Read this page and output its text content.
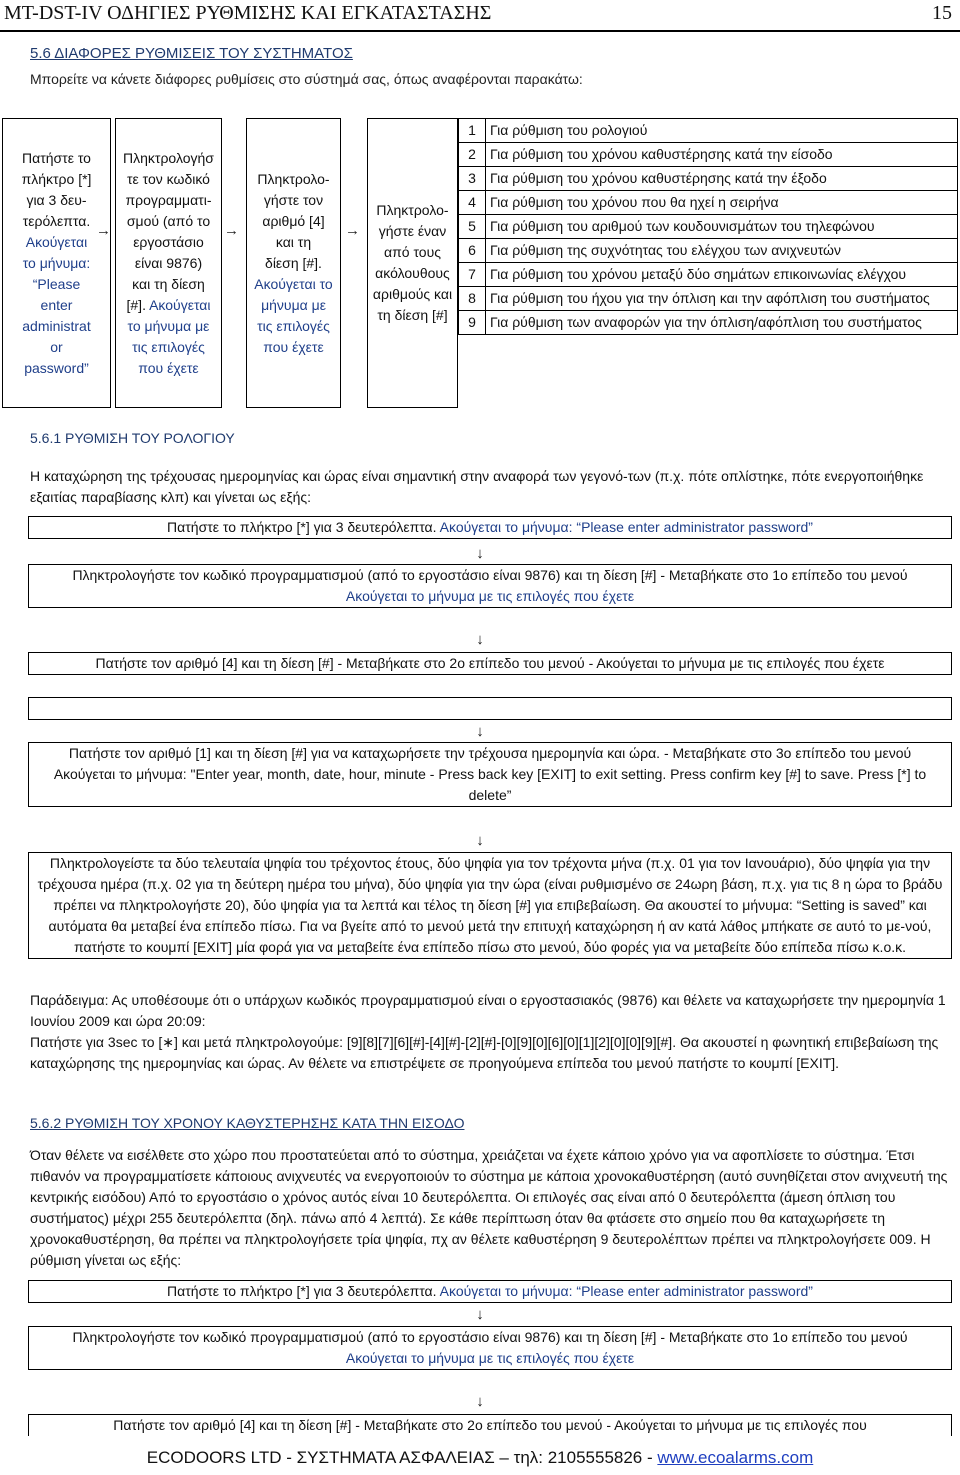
MT-DST-IV ΟΔΗΓΙΕΣ ΡΥΘΜΙΣΗΣ ΚΑΙ ΕΓΚΑΤΑΣΤΑΣΗΣ	15
5.6 ΔΙΑΦΟΡΕΣ ΡΥΘΜΙΣΕΙΣ ΤΟΥ ΣΥΣΤΗΜΑΤΟΣ
Μπορείτε να κάνετε διάφορες ρυθμίσεις στο σύστημά σας, όπως αναφέρονται παρακάτω:
Πατήστε το
πλήκτρο [*]
για 3 δευ-
τερόλεπτα.
Ακούγεται
το μήνυμα:
“Please
enter
administrat
or
password”
→
Πληκτρολογήσ
τε τον κωδικό
προγραμματι-
σμού (από το
εργοστάσιο
είναι 9876)
και τη δίεση
[#]. Ακούγεται
το μήνυμα με
τις επιλογές
που έχετε
→
Πληκτρολο-
γήστε τον
αριθμό [4]
και τη
δίεση [#].
Ακούγεται το
μήνυμα με
τις επιλογές
που έχετε
→
Πληκτρολο-
γήστε έναν
από τους
ακόλουθους
αριθμούς και
τη δίεση [#]
1	Για ρύθμιση του ρολογιού
2	Για ρύθμιση του χρόνου καθυστέρησης κατά την είσοδο
3	Για ρύθμιση του χρόνου καθυστέρησης κατά την έξοδο
4	Για ρύθμιση του χρόνου που θα ηχεί η σειρήνα
5	Για ρύθμιση του αριθμού των κουδουνισμάτων του τηλεφώνου
6	Για ρύθμιση της συχνότητας του ελέγχου των ανιχνευτών
7	Για ρύθμιση του χρόνου μεταξύ δύο σημάτων επικοινωνίας ελέγχου
8	Για ρύθμιση του ήχου για την όπλιση και την αφόπλιση του συστήματος
9	Για ρύθμιση των αναφορών για την όπλιση/αφόπλιση του συστήματος
5.6.1 ΡΥΘΜΙΣΗ ΤΟΥ ΡΟΛΟΓΙΟΥ
Η καταχώρηση της τρέχουσας ημερομηνίας και ώρας είναι σημαντική στην αναφορά των γεγονό-των (π.χ. πότε οπλίστηκε, πότε ενεργοποιήθηκε εξαιτίας παραβίασης κλπ) και γίνεται ως εξής:
Πατήστε το πλήκτρο [*] για 3 δευτερόλεπτα. Ακούγεται το μήνυμα: “Please enter administrator password”
↓
Πληκτρολογήστε τον κωδικό προγραμματισμού (από το εργοστάσιο είναι 9876) και τη δίεση [#] - Μεταβήκατε στο 1ο επίπεδο του μενού
Ακούγεται το μήνυμα με τις επιλογές που έχετε
↓
Πατήστε τον αριθμό [4] και τη δίεση [#] - Μεταβήκατε στο 2ο επίπεδο του μενού - Ακούγεται το μήνυμα με τις επιλογές που έχετε
↓
Πατήστε τον αριθμό [1] και τη δίεση [#] για να καταχωρήσετε την τρέχουσα ημερομηνία και ώρα. - Μεταβήκατε στο 3ο επίπεδο του μενού
Ακούγεται το μήνυμα: "Enter year, month, date, hour, minute - Press back key [EXIT] to exit setting. Press confirm key [#] to save. Press [*] to delete”
↓
Πληκτρολογείστε τα δύο τελευταία ψηφία του τρέχοντος έτους, δύο ψηφία για τον τρέχοντα μήνα (π.χ. 01 για τον Ιανουάριο), δύο ψηφία για την τρέχουσα ημέρα (π.χ. 02 για τη δεύτερη ημέρα του μήνα), δύο ψηφία για την ώρα (είναι ρυθμισμένο σε 24ωρη βάση, π.χ. για τις 8 η ώρα το βράδυ πρέπει να πληκτρολογήστε 20), δύο ψηφία για τα λεπτά και τέλος τη δίεση [#] για επιβεβαίωση. Θα ακουστεί το μήνυμα: “Setting is saved” και αυτόματα θα μεταβεί ένα επίπεδο πίσω. Για να βγείτε από το μενού μετά την επιτυχή καταχώρηση ή αν κατά λάθος μπήκατε σε αυτό το με-νού, πατήστε το κουμπί [EXIT] μία φορά για να μεταβείτε ένα επίπεδο πίσω στο μενού, δύο φορές για να μεταβείτε δύο επίπεδα πίσω κ.ο.κ.
Παράδειγμα: Ας υποθέσουμε ότι ο υπάρχων κωδικός προγραμματισμού είναι ο εργοστασιακός (9876) και θέλετε να καταχωρήσετε την ημερομηνία 1 Ιουνίου 2009 και ώρα 20:09:
Πατήστε για 3sec το [∗] και μετά πληκτρολογούμε: [9][8][7][6][#]-[4][#]-[2][#]-[0][9][0][6][0][1][2][0][0][9][#]. Θα ακουστεί η φωνητική επιβεβαίωση της καταχώρησης της ημερομηνίας και ώρας. Αν θέλετε να επιστρέψετε σε προηγούμενα επίπεδα του μενού πατήστε το κουμπί [EXIT].
5.6.2 ΡΥΘΜΙΣΗ ΤΟΥ ΧΡΟΝΟΥ ΚΑΘΥΣΤΕΡΗΣΗΣ ΚΑΤΑ ΤΗΝ ΕΙΣΟΔΟ
Όταν θέλετε να εισέλθετε στο χώρο που προστατεύεται από το σύστημα, χρειάζεται να έχετε κάποιο χρόνο για να αφοπλίσετε το σύστημα. Έτσι πιθανόν να προγραμματίσετε κάποιους ανιχνευτές να ενεργοποιούν το σύστημα με κάποια χρονοκαθυστέρηση (αυτό συνηθίζεται στον ανιχνευτή της κεντρικής εισόδου) Από το εργοστάσιο ο χρόνος αυτός είναι 10 δευτερόλεπτα. Οι επιλογές σας είναι από 0 δευτερόλεπτα (άμεση όπλιση του συστήματος) μέχρι 255 δευτερόλεπτα (δηλ. πάνω από 4 λεπτά). Σε κάθε περίπτωση όταν θα φτάσετε στο σημείο που θα καταχωρήσετε τη χρονοκαθυστέρηση, θα πρέπει να πληκτρολογήσετε τρία ψηφία, πχ αν θέλετε καθυστέρηση 9 δευτερολέπτων πρέπει να πληκτρολογήσετε 009. Η ρύθμιση γίνεται ως εξής:
Πατήστε το πλήκτρο [*] για 3 δευτερόλεπτα. Ακούγεται το μήνυμα: “Please enter administrator password”
↓
Πληκτρολογήστε τον κωδικό προγραμματισμού (από το εργοστάσιο είναι 9876) και τη δίεση [#] - Μεταβήκατε στο 1ο επίπεδο του μενού
Ακούγεται το μήνυμα με τις επιλογές που έχετε
↓
Πατήστε τον αριθμό [4] και τη δίεση [#] - Μεταβήκατε στο 2ο επίπεδο του μενού - Ακούγεται το μήνυμα με τις επιλογές που
ECODOORS LTD - ΣΥΣΤΗΜΑΤΑ ΑΣΦΑΛΕΙΑΣ – τηλ: 2105555826 - www.ecoalarms.com
